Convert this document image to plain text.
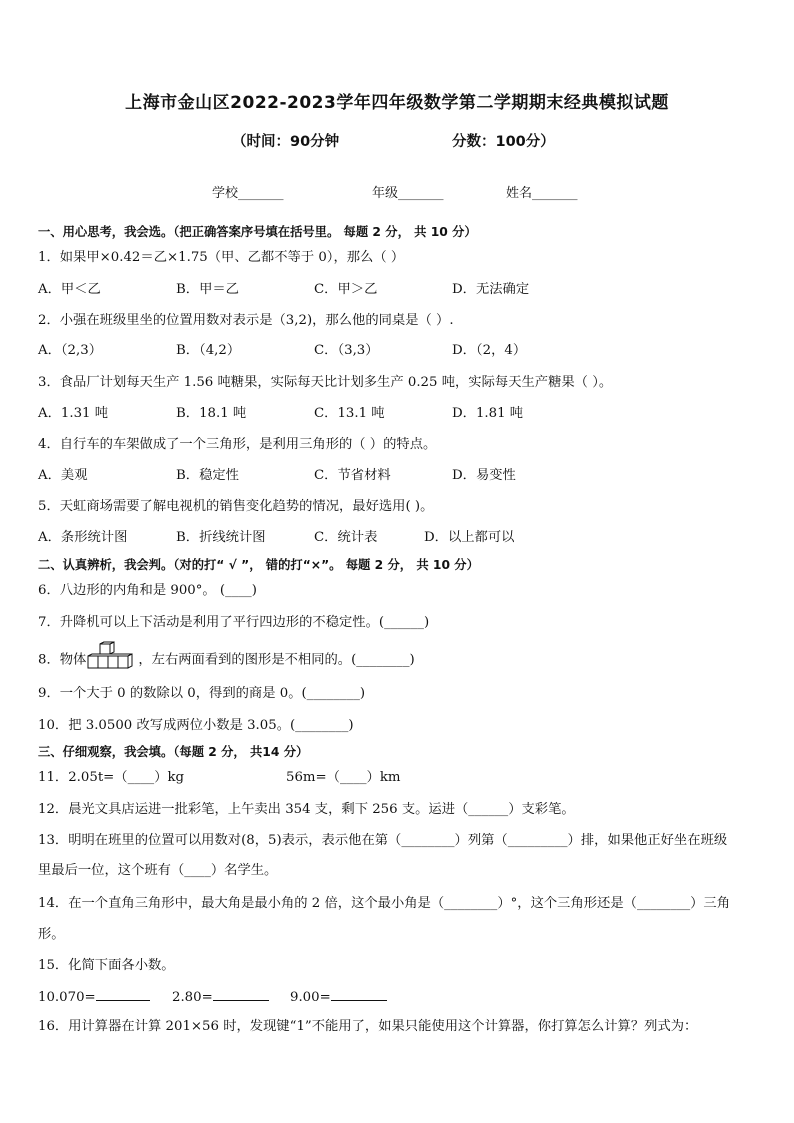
上海市金山区2022-2023学年四年级数学第二学期期末经典模拟试题
（时间：90分钟	分数：100分）
学校_______	年级_______	姓名_______
一、用心思考，我会选。（把正确答案序号填在括号里。 每题 2 分， 共 10 分）
1．如果甲×0.42＝乙×1.75（甲、乙都不等于 0），那么（ ）
A．甲＜乙	B．甲＝乙	C．甲＞乙	D．无法确定
2．小强在班级里坐的位置用数对表示是（3,2)，那么他的同桌是（ ）.
A．（2,3）	B．（4,2）	C．（3,3）	D．（2，4）
3．食品厂计划每天生产 1.56 吨糖果，实际每天比计划多生产 0.25 吨，实际每天生产糖果（ ）。
A．1.31 吨	B．18.1 吨	C．13.1 吨	D．1.81 吨
4．自行车的车架做成了一个三角形，是利用三角形的（ ）的特点。
A．美观	B．稳定性	C．节省材料	D．易变性
5．天虹商场需要了解电视机的销售变化趋势的情况，最好选用( )。
A．条形统计图	B．折线统计图	C．统计表	D．以上都可以
二、认真辨析，我会判。（对的打“ √ ”， 错的打“×”。 每题 2 分， 共 10 分）
6．八边形的内角和是 900°。 (____)
7．升降机可以上下活动是利用了平行四边形的不稳定性。(______)
8．物体	，左右两面看到的图形是不相同的。(________)
9．一个大于 0 的数除以 0，得到的商是 0。(________)
10．把 3.0500 改写成两位小数是 3.05。(________)
三、仔细观察，我会填。（每题 2 分， 共14 分）
11．2.05t=（____）kg	56m=（____）km
12．晨光文具店运进一批彩笔，上午卖出 354 支，剩下 256 支。运进（______）支彩笔。
13．明明在班里的位置可以用数对(8，5)表示，表示他在第（________）列第（_________）排，如果他正好坐在班级
里最后一位，这个班有（____）名学生。
14．在一个直角三角形中，最大角是最小角的 2 倍，这个最小角是（________）°，这个三角形还是（________）三角
形。
15．化简下面各小数。
10.070=	2.80=	9.00=
16．用计算器在计算 201×56 时，发现键“1”不能用了，如果只能使用这个计算器，你打算怎么计算？列式为：
